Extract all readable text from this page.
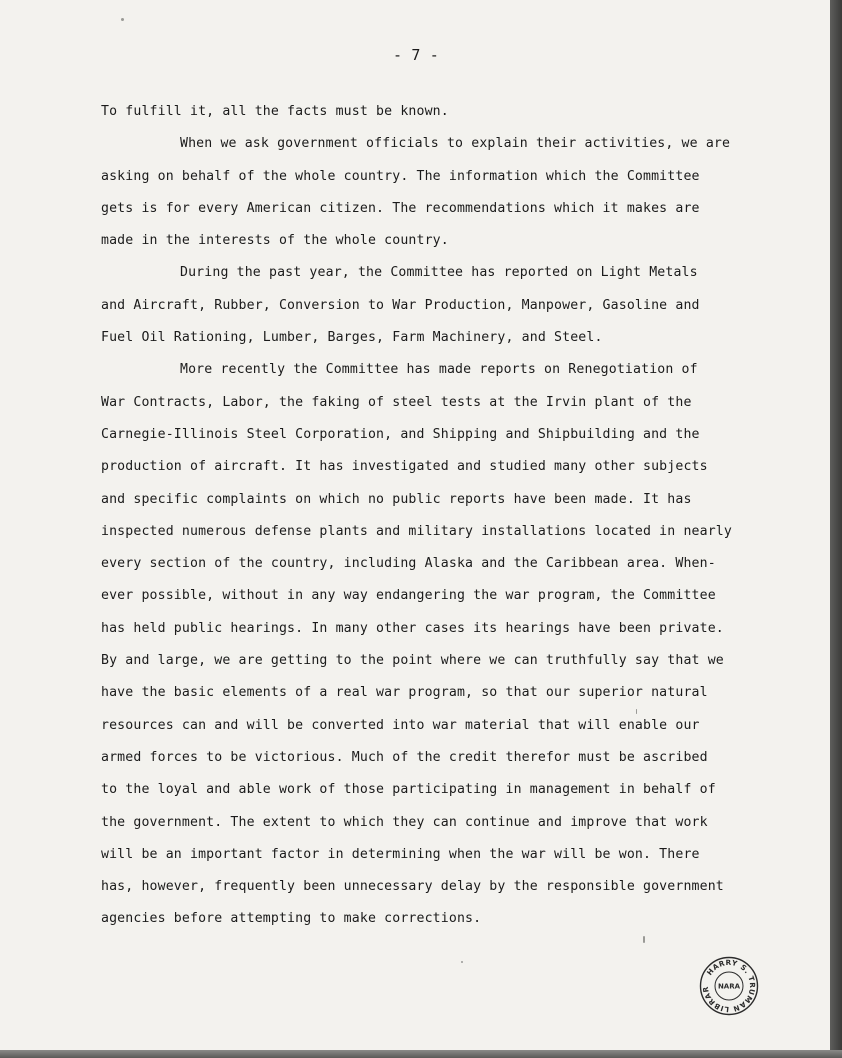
- 7 -
To fulfill it, all the facts must be known.
When we ask government officials to explain their activities, we are
asking on behalf of the whole country. The information which the Committee
gets is for every American citizen. The recommendations which it makes are
made in the interests of the whole country.
During the past year, the Committee has reported on Light Metals
and Aircraft, Rubber, Conversion to War Production, Manpower, Gasoline and
Fuel Oil Rationing, Lumber, Barges, Farm Machinery, and Steel.
More recently the Committee has made reports on Renegotiation of
War Contracts, Labor, the faking of steel tests at the Irvin plant of the
Carnegie-Illinois Steel Corporation, and Shipping and Shipbuilding and the
production of aircraft. It has investigated and studied many other subjects
and specific complaints on which no public reports have been made. It has
inspected numerous defense plants and military installations located in nearly
every section of the country, including Alaska and the Caribbean area. When-
ever possible, without in any way endangering the war program, the Committee
has held public hearings. In many other cases its hearings have been private.
By and large, we are getting to the point where we can truthfully say that we
have the basic elements of a real war program, so that our superior natural
resources can and will be converted into war material that will enable our
armed forces to be victorious. Much of the credit therefor must be ascribed
to the loyal and able work of those participating in management in behalf of
the government. The extent to which they can continue and improve that work
will be an important factor in determining when the war will be won. There
has, however, frequently been unnecessary delay by the responsible government
agencies before attempting to make corrections.
HARRY S. TRUMAN LIBRAR	NARA
